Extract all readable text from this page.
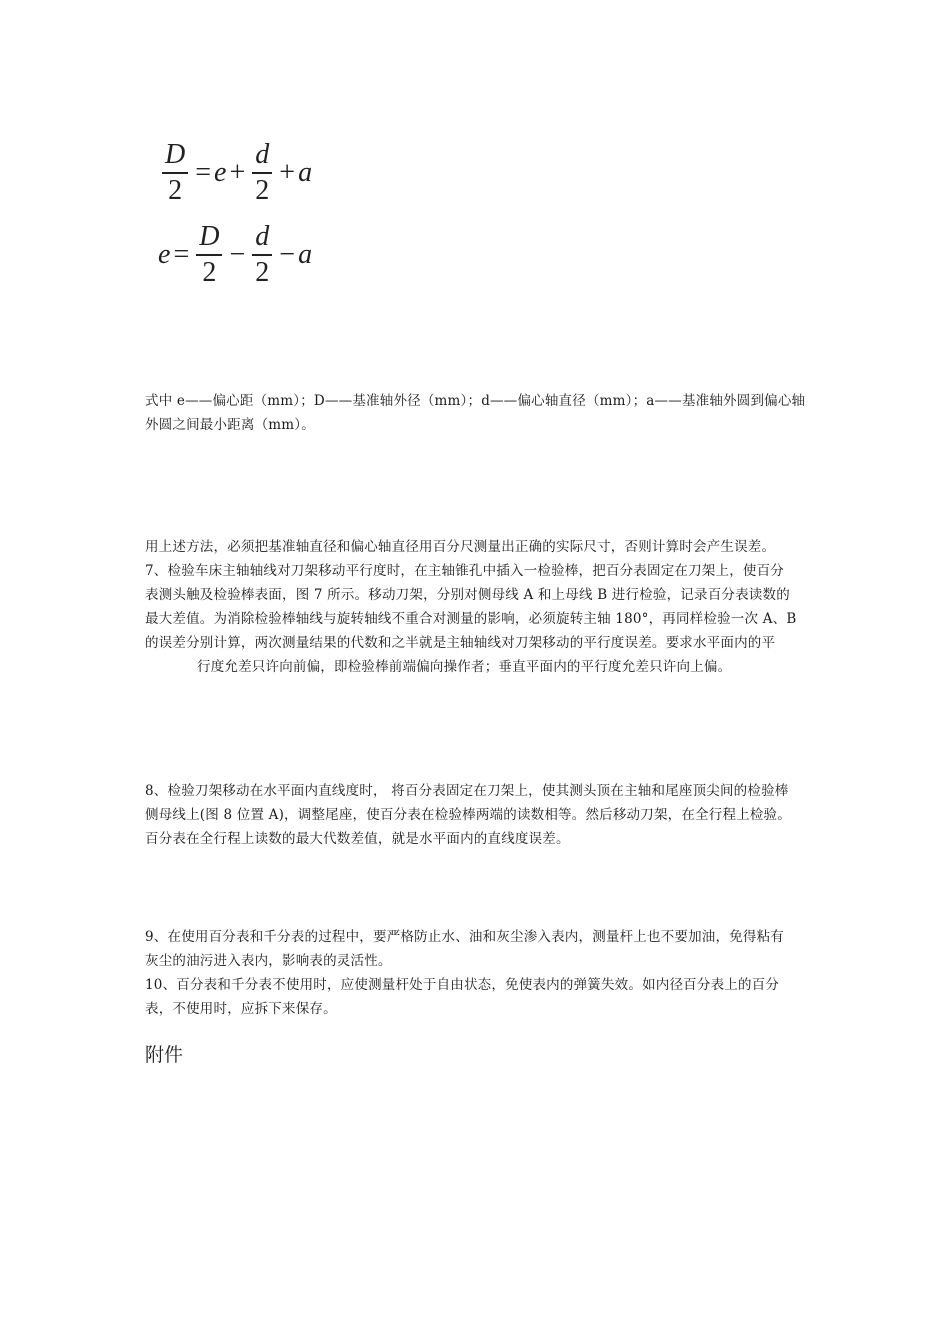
$\frac{D}{2} = e + \frac{d}{2} + a$
$e = \frac{D}{2} - \frac{d}{2} - a$
式中 e——偏心距（mm）；D——基准轴外径（mm）；d——偏心轴直径（mm）；a——基准轴外圆到偏心轴
外圆之间最小距离（mm）。
用上述方法，必须把基准轴直径和偏心轴直径用百分尺测量出正确的实际尺寸，否则计算时会产生误差。
7、检验车床主轴轴线对刀架移动平行度时，在主轴锥孔中插入一检验棒，把百分表固定在刀架上，使百分
表测头触及检验棒表面，图 7 所示。移动刀架，分别对侧母线 A 和上母线 B 进行检验，记录百分表读数的
最大差值。为消除检验棒轴线与旋转轴线不重合对测量的影响，必须旋转主轴 180°，再同样检验一次 A、B
的误差分别计算，两次测量结果的代数和之半就是主轴轴线对刀架移动的平行度误差。要求水平面内的平
行度允差只许向前偏，即检验棒前端偏向操作者；垂直平面内的平行度允差只许向上偏。
8、检验刀架移动在水平面内直线度时， 将百分表固定在刀架上，使其测头顶在主轴和尾座顶尖间的检验棒
侧母线上(图 8 位置 A)，调整尾座，使百分表在检验棒两端的读数相等。然后移动刀架，在全行程上检验。
百分表在全行程上读数的最大代数差值，就是水平面内的直线度误差。
9、在使用百分表和千分表的过程中，要严格防止水、油和灰尘渗入表内，测量杆上也不要加油，免得粘有
灰尘的油污进入表内，影响表的灵活性。
10、百分表和千分表不使用时，应使测量杆处于自由状态，免使表内的弹簧失效。如内径百分表上的百分
表，不使用时，应拆下来保存。
附件
